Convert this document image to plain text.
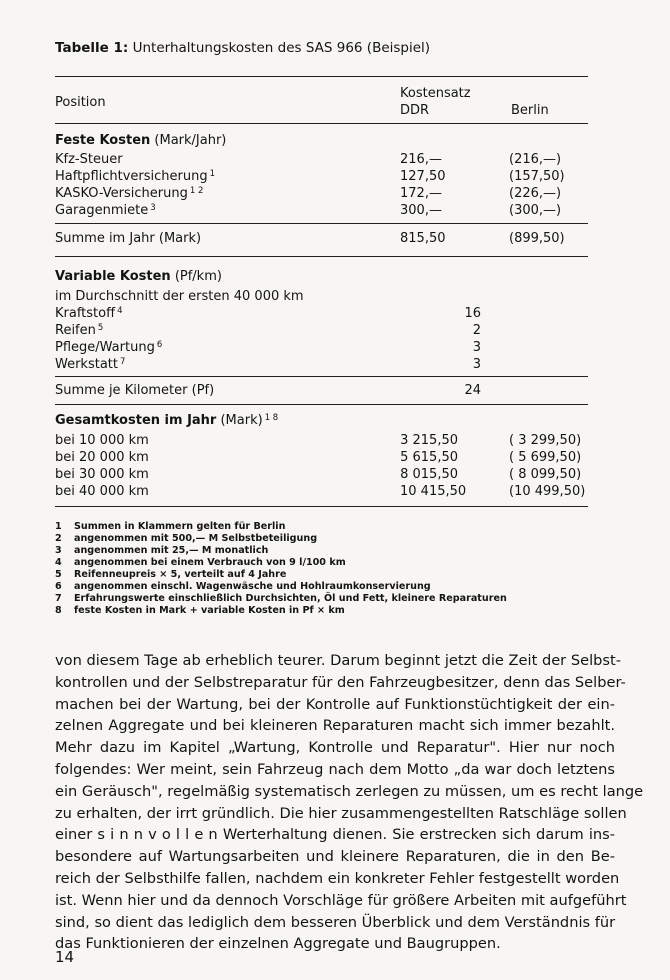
Tabelle 1: Unterhaltungskosten des SAS 966 (Beispiel)
Kostensatz
Position
DDR	Berlin
Feste Kosten (Mark/Jahr)
Kfz-Steuer	216,—	(216,—)
Haftpflichtversicherung $^1$	127,50	(157,50)
KASKO-Versicherung $^{1 2}$	172,—	(226,—)
Garagenmiete $^3$	300,—	(300,—)
Summe im Jahr (Mark)	815,50	(899,50)
Variable Kosten (Pf/km)
im Durchschnitt der ersten 40 000 km
Kraftstoff $^4$	16
Reifen $^5$	2
Pflege/Wartung $^6$	3
Werkstatt $^7$	3
Summe je Kilometer (Pf)	24
Gesamtkosten im Jahr (Mark) $^{1 8}$
bei 10 000 km	3 215,50	( 3 299,50)
bei 20 000 km	5 615,50	( 5 699,50)
bei 30 000 km	8 015,50	( 8 099,50)
bei 40 000 km	10 415,50	(10 499,50)
1 Summen in Klammern gelten für Berlin
2 angenommen mit 500,— M Selbstbeteiligung
3 angenommen mit 25,— M monatlich
4 angenommen bei einem Verbrauch von 9 l/100 km
5 Reifenneupreis × 5, verteilt auf 4 Jahre
6 angenommen einschl. Wagenwäsche und Hohlraumkonservierung
7 Erfahrungswerte einschließlich Durchsichten, Öl und Fett, kleinere Reparaturen
8 feste Kosten in Mark + variable Kosten in Pf × km
von diesem Tage ab erheblich teurer. Darum beginnt jetzt die Zeit der Selbst-
kontrollen und der Selbstreparatur für den Fahrzeugbesitzer, denn das Selber-
machen bei der Wartung, bei der Kontrolle auf Funktionstüchtigkeit der ein-
zelnen Aggregate und bei kleineren Reparaturen macht sich immer bezahlt.
Mehr dazu im Kapitel „Wartung, Kontrolle und Reparatur". Hier nur noch
folgendes: Wer meint, sein Fahrzeug nach dem Motto „da war doch letztens
ein Geräusch", regelmäßig systematisch zerlegen zu müssen, um es recht lange
zu erhalten, der irrt gründlich. Die hier zusammengestellten Ratschläge sollen
einer s i n n v o l l e n Werterhaltung dienen. Sie erstrecken sich darum ins-
besondere auf Wartungsarbeiten und kleinere Reparaturen, die in den Be-
reich der Selbsthilfe fallen, nachdem ein konkreter Fehler festgestellt worden
ist. Wenn hier und da dennoch Vorschläge für größere Arbeiten mit aufgeführt
sind, so dient das lediglich dem besseren Überblick und dem Verständnis für
das Funktionieren der einzelnen Aggregate und Baugruppen.
14
